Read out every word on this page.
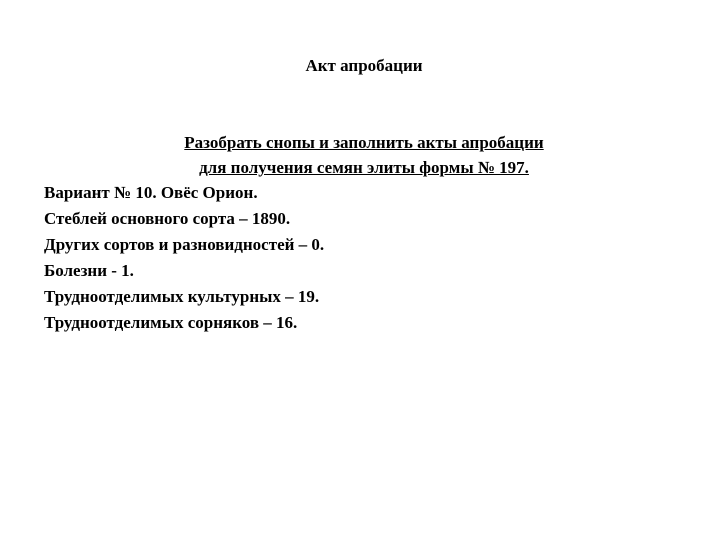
Акт апробации
Разобрать снопы и заполнить акты апробации
для получения семян элиты формы № 197.
Вариант № 10. Овёс Орион.
Стеблей основного сорта – 1890.
Других сортов и разновидностей – 0.
Болезни - 1.
Трудноотделимых культурных – 19.
Трудноотделимых сорняков – 16.
